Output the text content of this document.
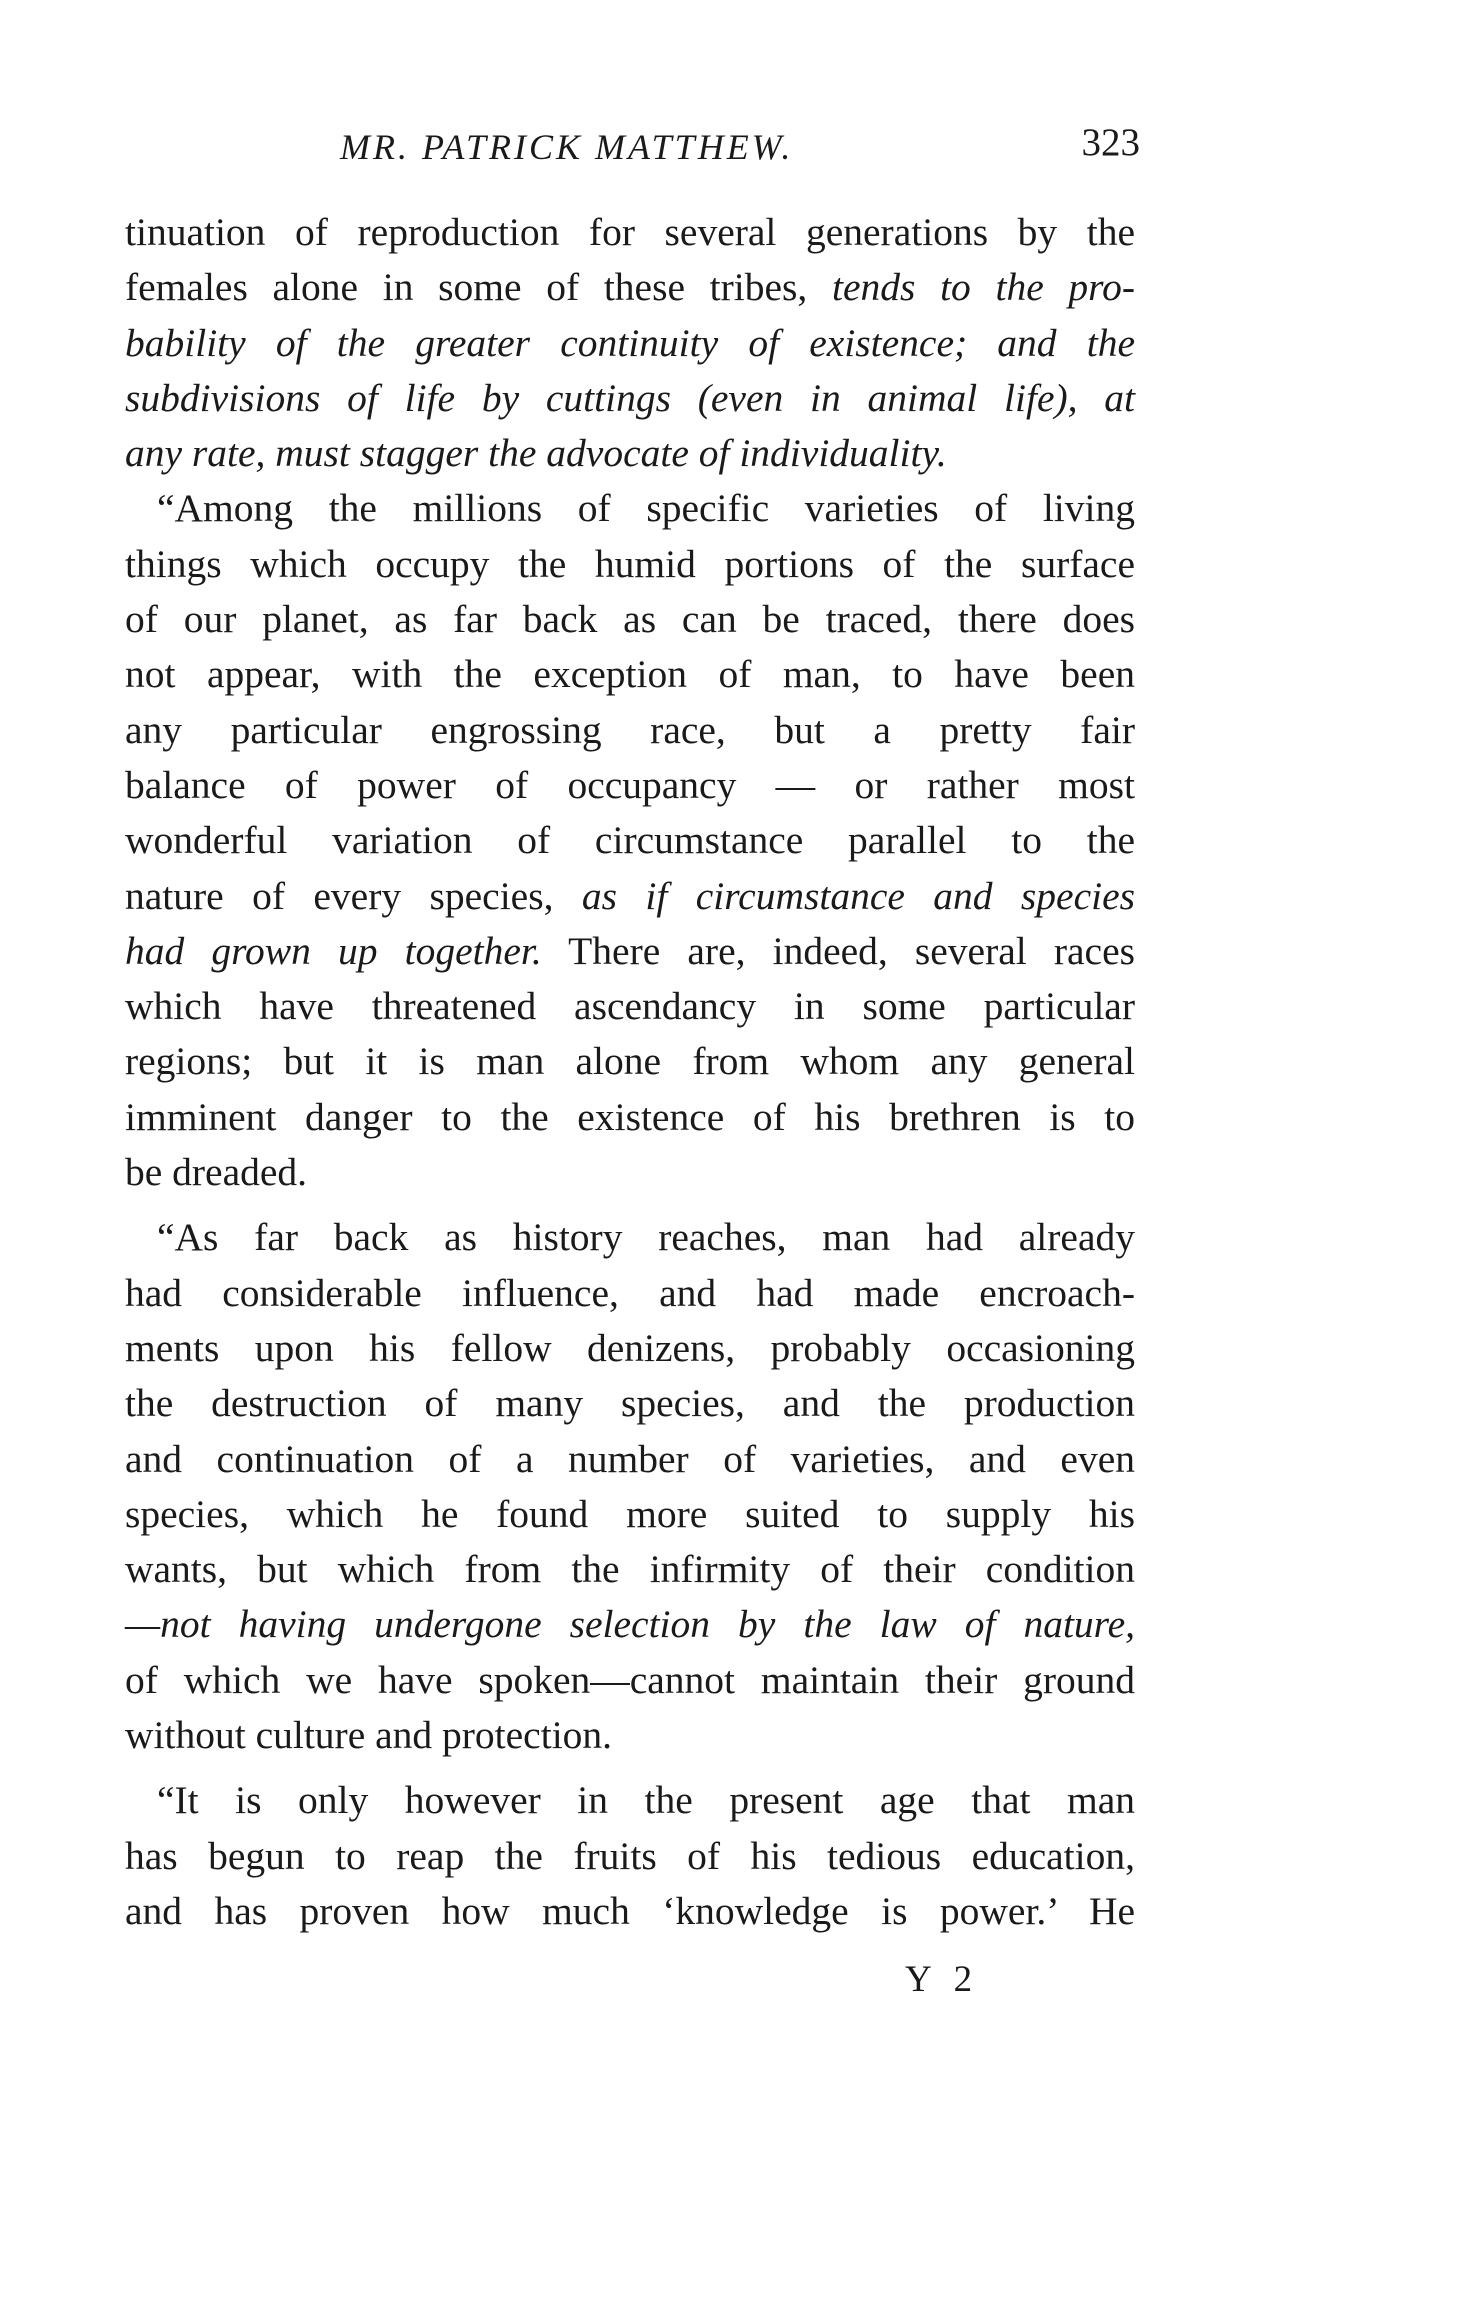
MR. PATRICK MATTHEW.	323
tinuation of reproduction for several generations by the
females alone in some of these tribes, tends to the pro-
bability of the greater continuity of existence; and the
subdivisions of life by cuttings (even in animal life), at
any rate, must stagger the advocate of individuality.
“Among the millions of specific varieties of living
things which occupy the humid portions of the surface
of our planet, as far back as can be traced, there does
not appear, with the exception of man, to have been
any particular engrossing race, but a pretty fair
balance of power of occupancy — or rather most
wonderful variation of circumstance parallel to the
nature of every species, as if circumstance and species
had grown up together. There are, indeed, several races
which have threatened ascendancy in some particular
regions; but it is man alone from whom any general
imminent danger to the existence of his brethren is to
be dreaded.
“As far back as history reaches, man had already
had considerable influence, and had made encroach-
ments upon his fellow denizens, probably occasioning
the destruction of many species, and the production
and continuation of a number of varieties, and even
species, which he found more suited to supply his
wants, but which from the infirmity of their condition
—not having undergone selection by the law of nature,
of which we have spoken—cannot maintain their ground
without culture and protection.
“It is only however in the present age that man
has begun to reap the fruits of his tedious education,
and has proven how much ‘knowledge is power.’ He
Y 2
